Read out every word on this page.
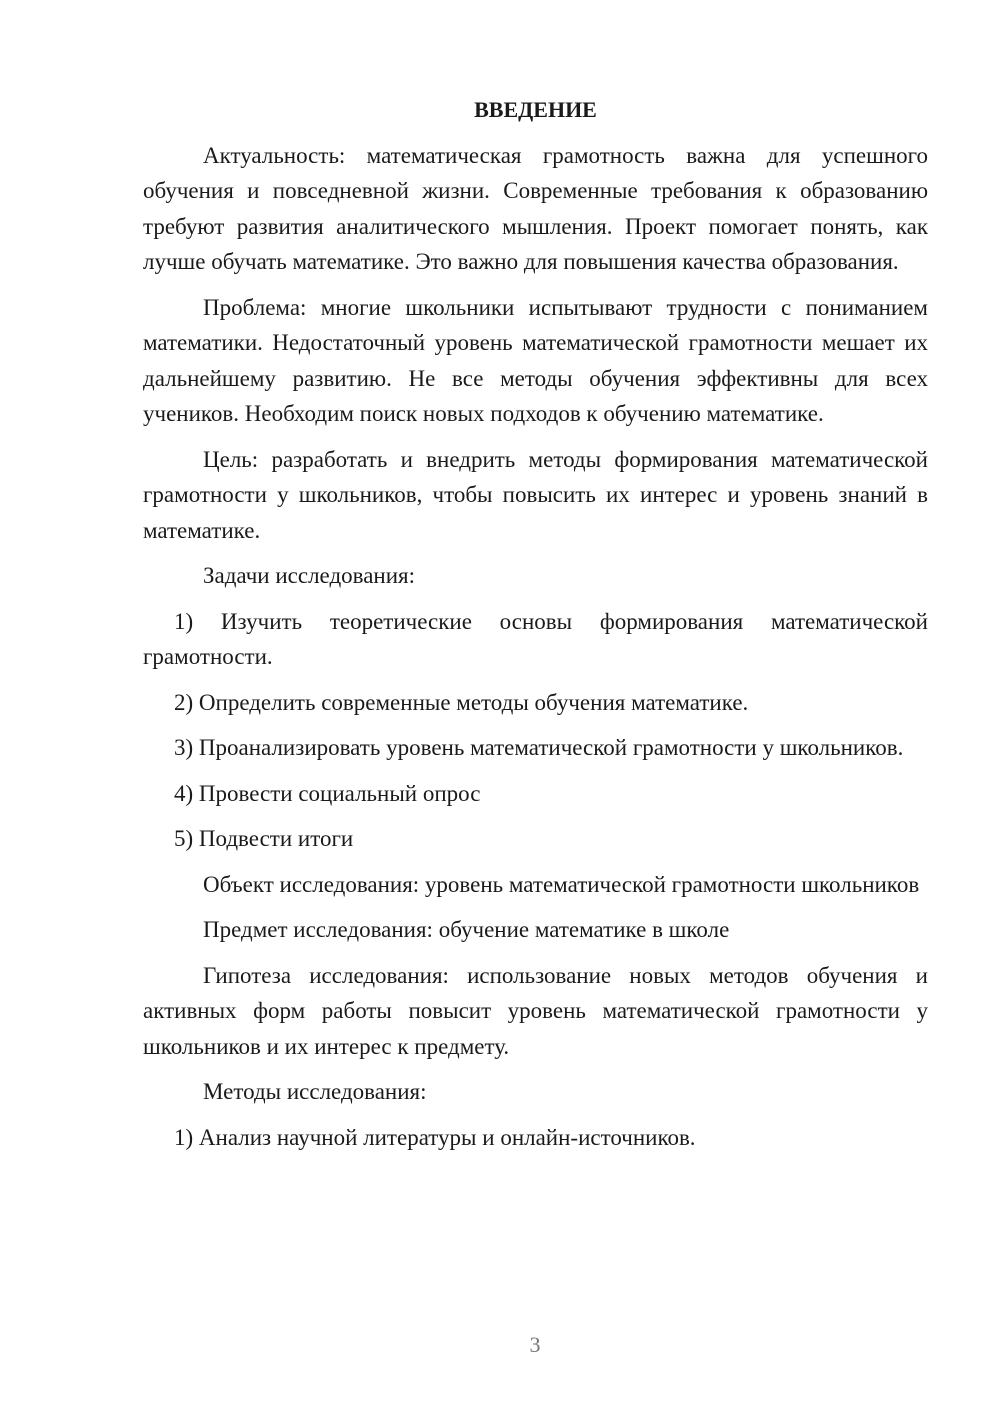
ВВЕДЕНИЕ

Актуальность: математическая грамотность важна для успешного обучения и повседневной жизни. Современные требования к образованию требуют развития аналитического мышления. Проект помогает понять, как лучше обучать математике. Это важно для повышения качества образования.

Проблема: многие школьники испытывают трудности с пониманием математики. Недостаточный уровень математической грамотности мешает их дальнейшему развитию. Не все методы обучения эффективны для всех учеников. Необходим поиск новых подходов к обучению математике.

Цель: разработать и внедрить методы формирования математической грамотности у школьников, чтобы повысить их интерес и уровень знаний в математике.

Задачи исследования:

1) Изучить теоретические основы формирования математической грамотности.

2) Определить современные методы обучения математике.

3) Проанализировать уровень математической грамотности у школьников.

4) Провести социальный опрос

5) Подвести итоги

Объект исследования: уровень математической грамотности школьников

Предмет исследования: обучение математике в школе

Гипотеза исследования: использование новых методов обучения и активных форм работы повысит уровень математической грамотности у школьников и их интерес к предмету.

Методы исследования:

1) Анализ научной литературы и онлайн-источников.

3
